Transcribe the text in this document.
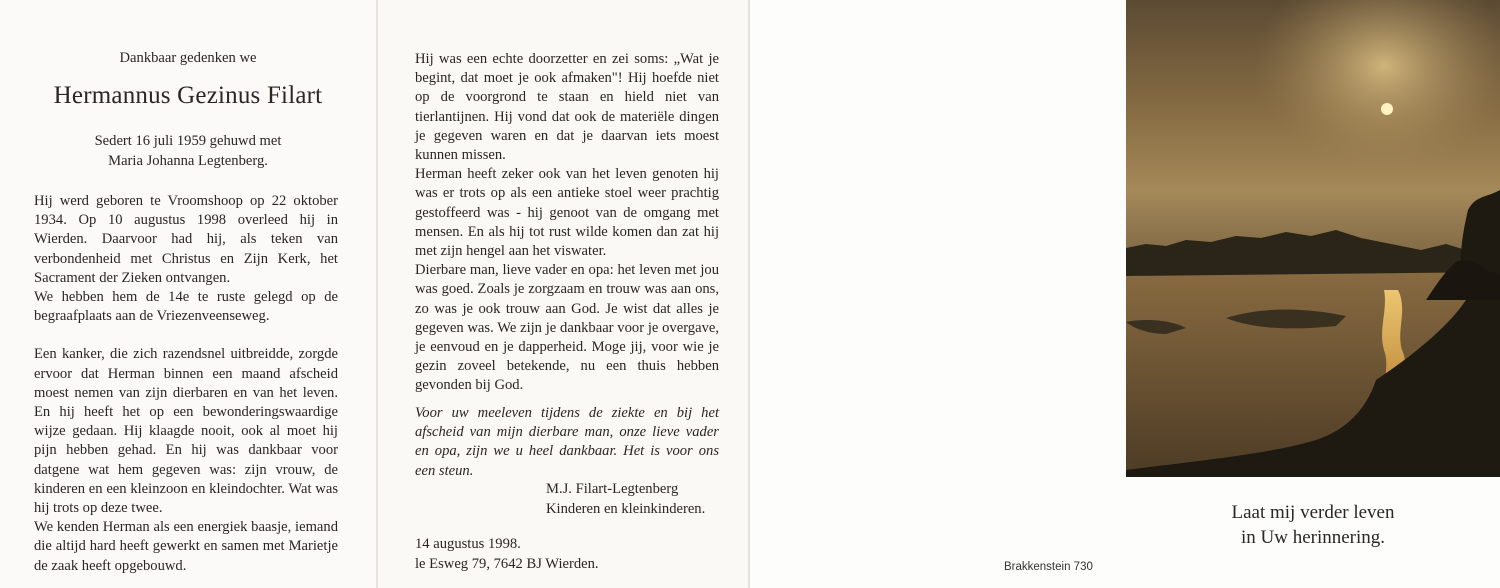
Dankbaar gedenken we
Hermannus Gezinus Filart
Sedert 16 juli 1959 gehuwd met
Maria Johanna Legtenberg.

Hij werd geboren te Vroomshoop op 22 oktober 1934. Op 10 augustus 1998 overleed hij in Wierden. Daarvoor had hij, als teken van verbondenheid met Christus en Zijn Kerk, het Sacrament der Zieken ontvangen.

We hebben hem de 14e te ruste gelegd op de begraafplaats aan de Vriezenveenseweg.

Een kanker, die zich razendsnel uitbreidde, zorgde ervoor dat Herman binnen een maand afscheid moest nemen van zijn dierbaren en van het leven. En hij heeft het op een bewonderingswaardige wijze gedaan. Hij klaagde nooit, ook al moet hij pijn hebben gehad. En hij was dankbaar voor datgene wat hem gegeven was: zijn vrouw, de kinderen en een kleinzoon en kleindochter. Wat was hij trots op deze twee.

We kenden Herman als een energiek baasje, iemand die altijd hard heeft gewerkt en samen met Marietje de zaak heeft opgebouwd.

Hij was een echte doorzetter en zei soms: „Wat je begint, dat moet je ook afmaken"! Hij hoefde niet op de voorgrond te staan en hield niet van tierlantijnen. Hij vond dat ook de materiële dingen je gegeven waren en dat je daarvan iets moest kunnen missen.

Herman heeft zeker ook van het leven genoten hij was er trots op als een antieke stoel weer prachtig gestoffeerd was - hij genoot van de omgang met mensen. En als hij tot rust wilde komen dan zat hij met zijn hengel aan het viswater.

Dierbare man, lieve vader en opa: het leven met jou was goed. Zoals je zorgzaam en trouw was aan ons, zo was je ook trouw aan God. Je wist dat alles je gegeven was. We zijn je dankbaar voor je overgave, je eenvoud en je dapperheid. Moge jij, voor wie je gezin zoveel betekende, nu een thuis hebben gevonden bij God.

Voor uw meeleven tijdens de ziekte en bij het afscheid van mijn dierbare man, onze lieve vader en opa, zijn we u heel dankbaar. Het is voor ons een steun.
M.J. Filart-Legtenberg
Kinderen en kleinkinderen.
14 augustus 1998.
le Esweg 79, 7642 BJ Wierden.
Laat mij verder leven
in Uw herinnering.
Brakkenstein 730
